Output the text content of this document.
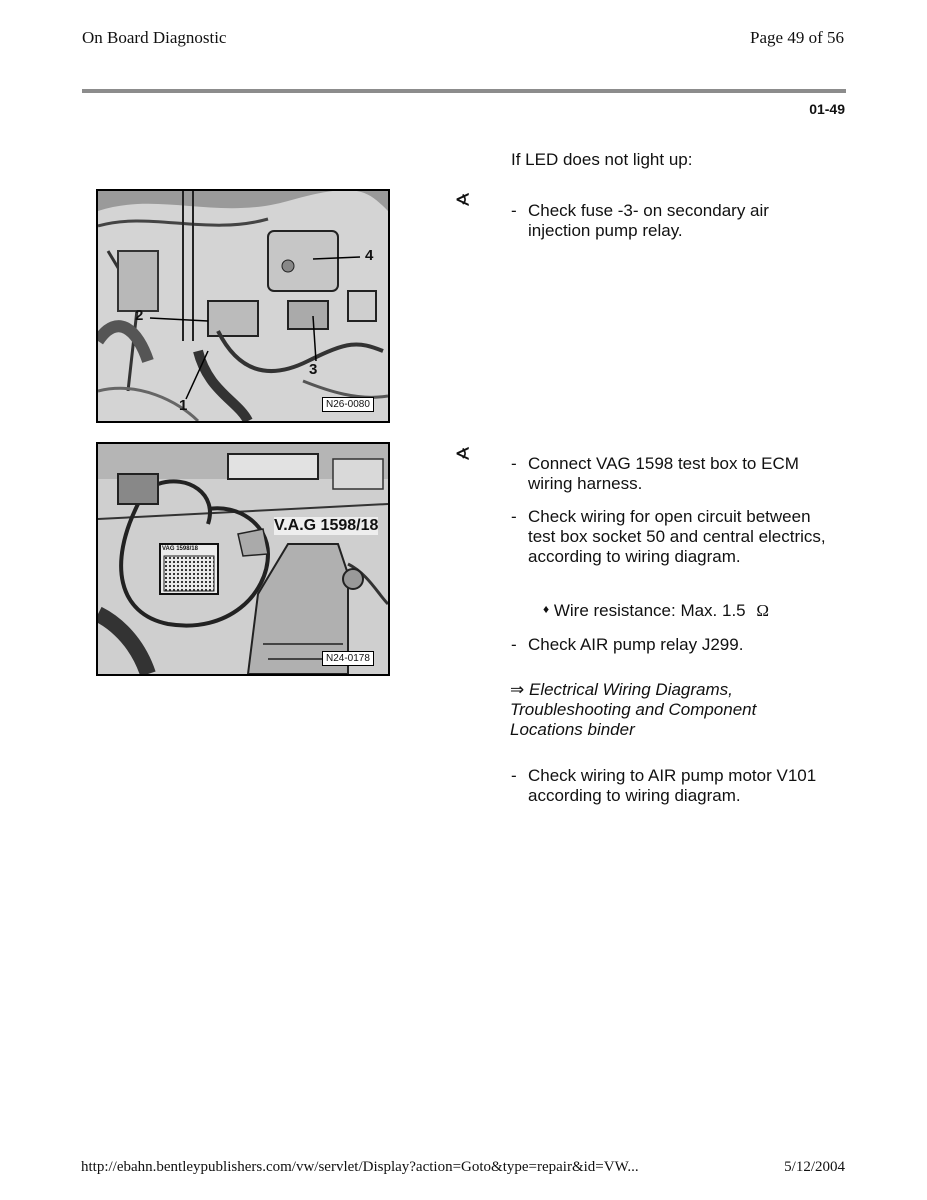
On Board Diagnostic	Page 49 of 56
01-49
If LED does not light up:
2
1
3
4
N26-0080
∢
- Check fuse -3- on secondary air injection pump relay.
V.A.G 1598/18
VAG 1598/18
N24-0178
∢ - Connect VAG 1598 test box to ECM wiring harness.
- Check wiring for open circuit between test box socket 50 and central electrics, according to wiring diagram.
♦ Wire resistance: Max. 1.5 Ω
- Check AIR pump relay J299.
⇒ Electrical Wiring Diagrams, Troubleshooting and Component Locations binder
- Check wiring to AIR pump motor V101 according to wiring diagram.
http://ebahn.bentleypublishers.com/vw/servlet/Display?action=Goto&type=repair&id=VW...	5/12/2004
